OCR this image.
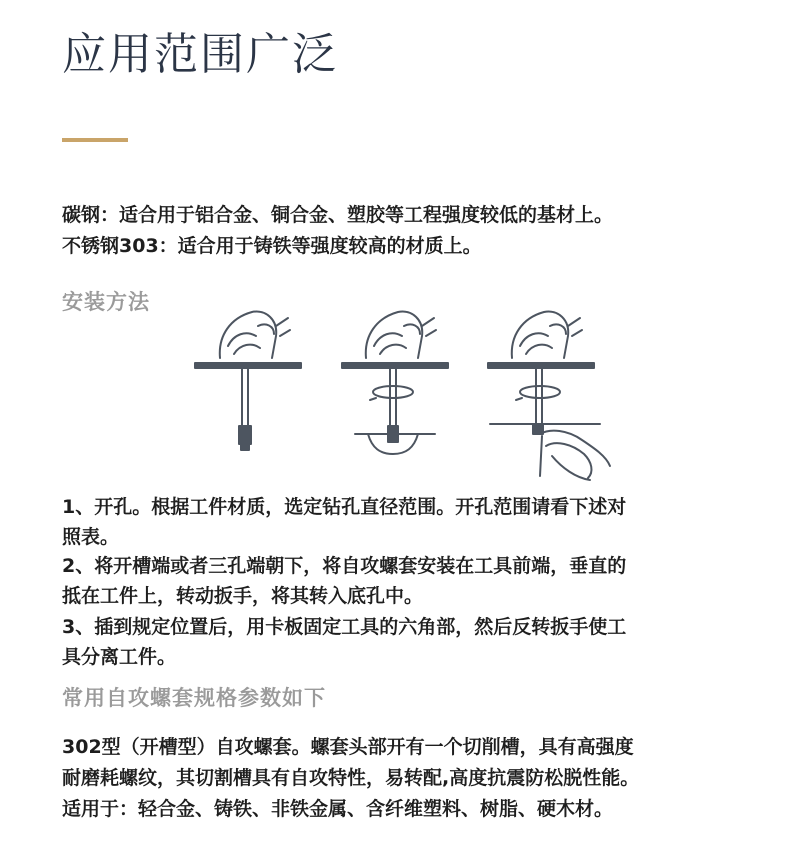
应用范围广泛
碳钢：适合用于铝合金、铜合金、塑胶等工程强度较低的基材上。
不锈钢303：适合用于铸铁等强度较高的材质上。
安装方法
1、开孔。根据工件材质，选定钻孔直径范围。开孔范围请看下述对
照表。
2、将开槽端或者三孔端朝下，将自攻螺套安装在工具前端，垂直的
抵在工件上，转动扳手，将其转入底孔中。
3、插到规定位置后，用卡板固定工具的六角部，然后反转扳手使工
具分离工件。
常用自攻螺套规格参数如下
302型（开槽型）自攻螺套。螺套头部开有一个切削槽，具有高强度
耐磨耗螺纹，其切割槽具有自攻特性，易转配,高度抗震防松脱性能。
适用于：轻合金、铸铁、非铁金属、含纤维塑料、树脂、硬木材。
